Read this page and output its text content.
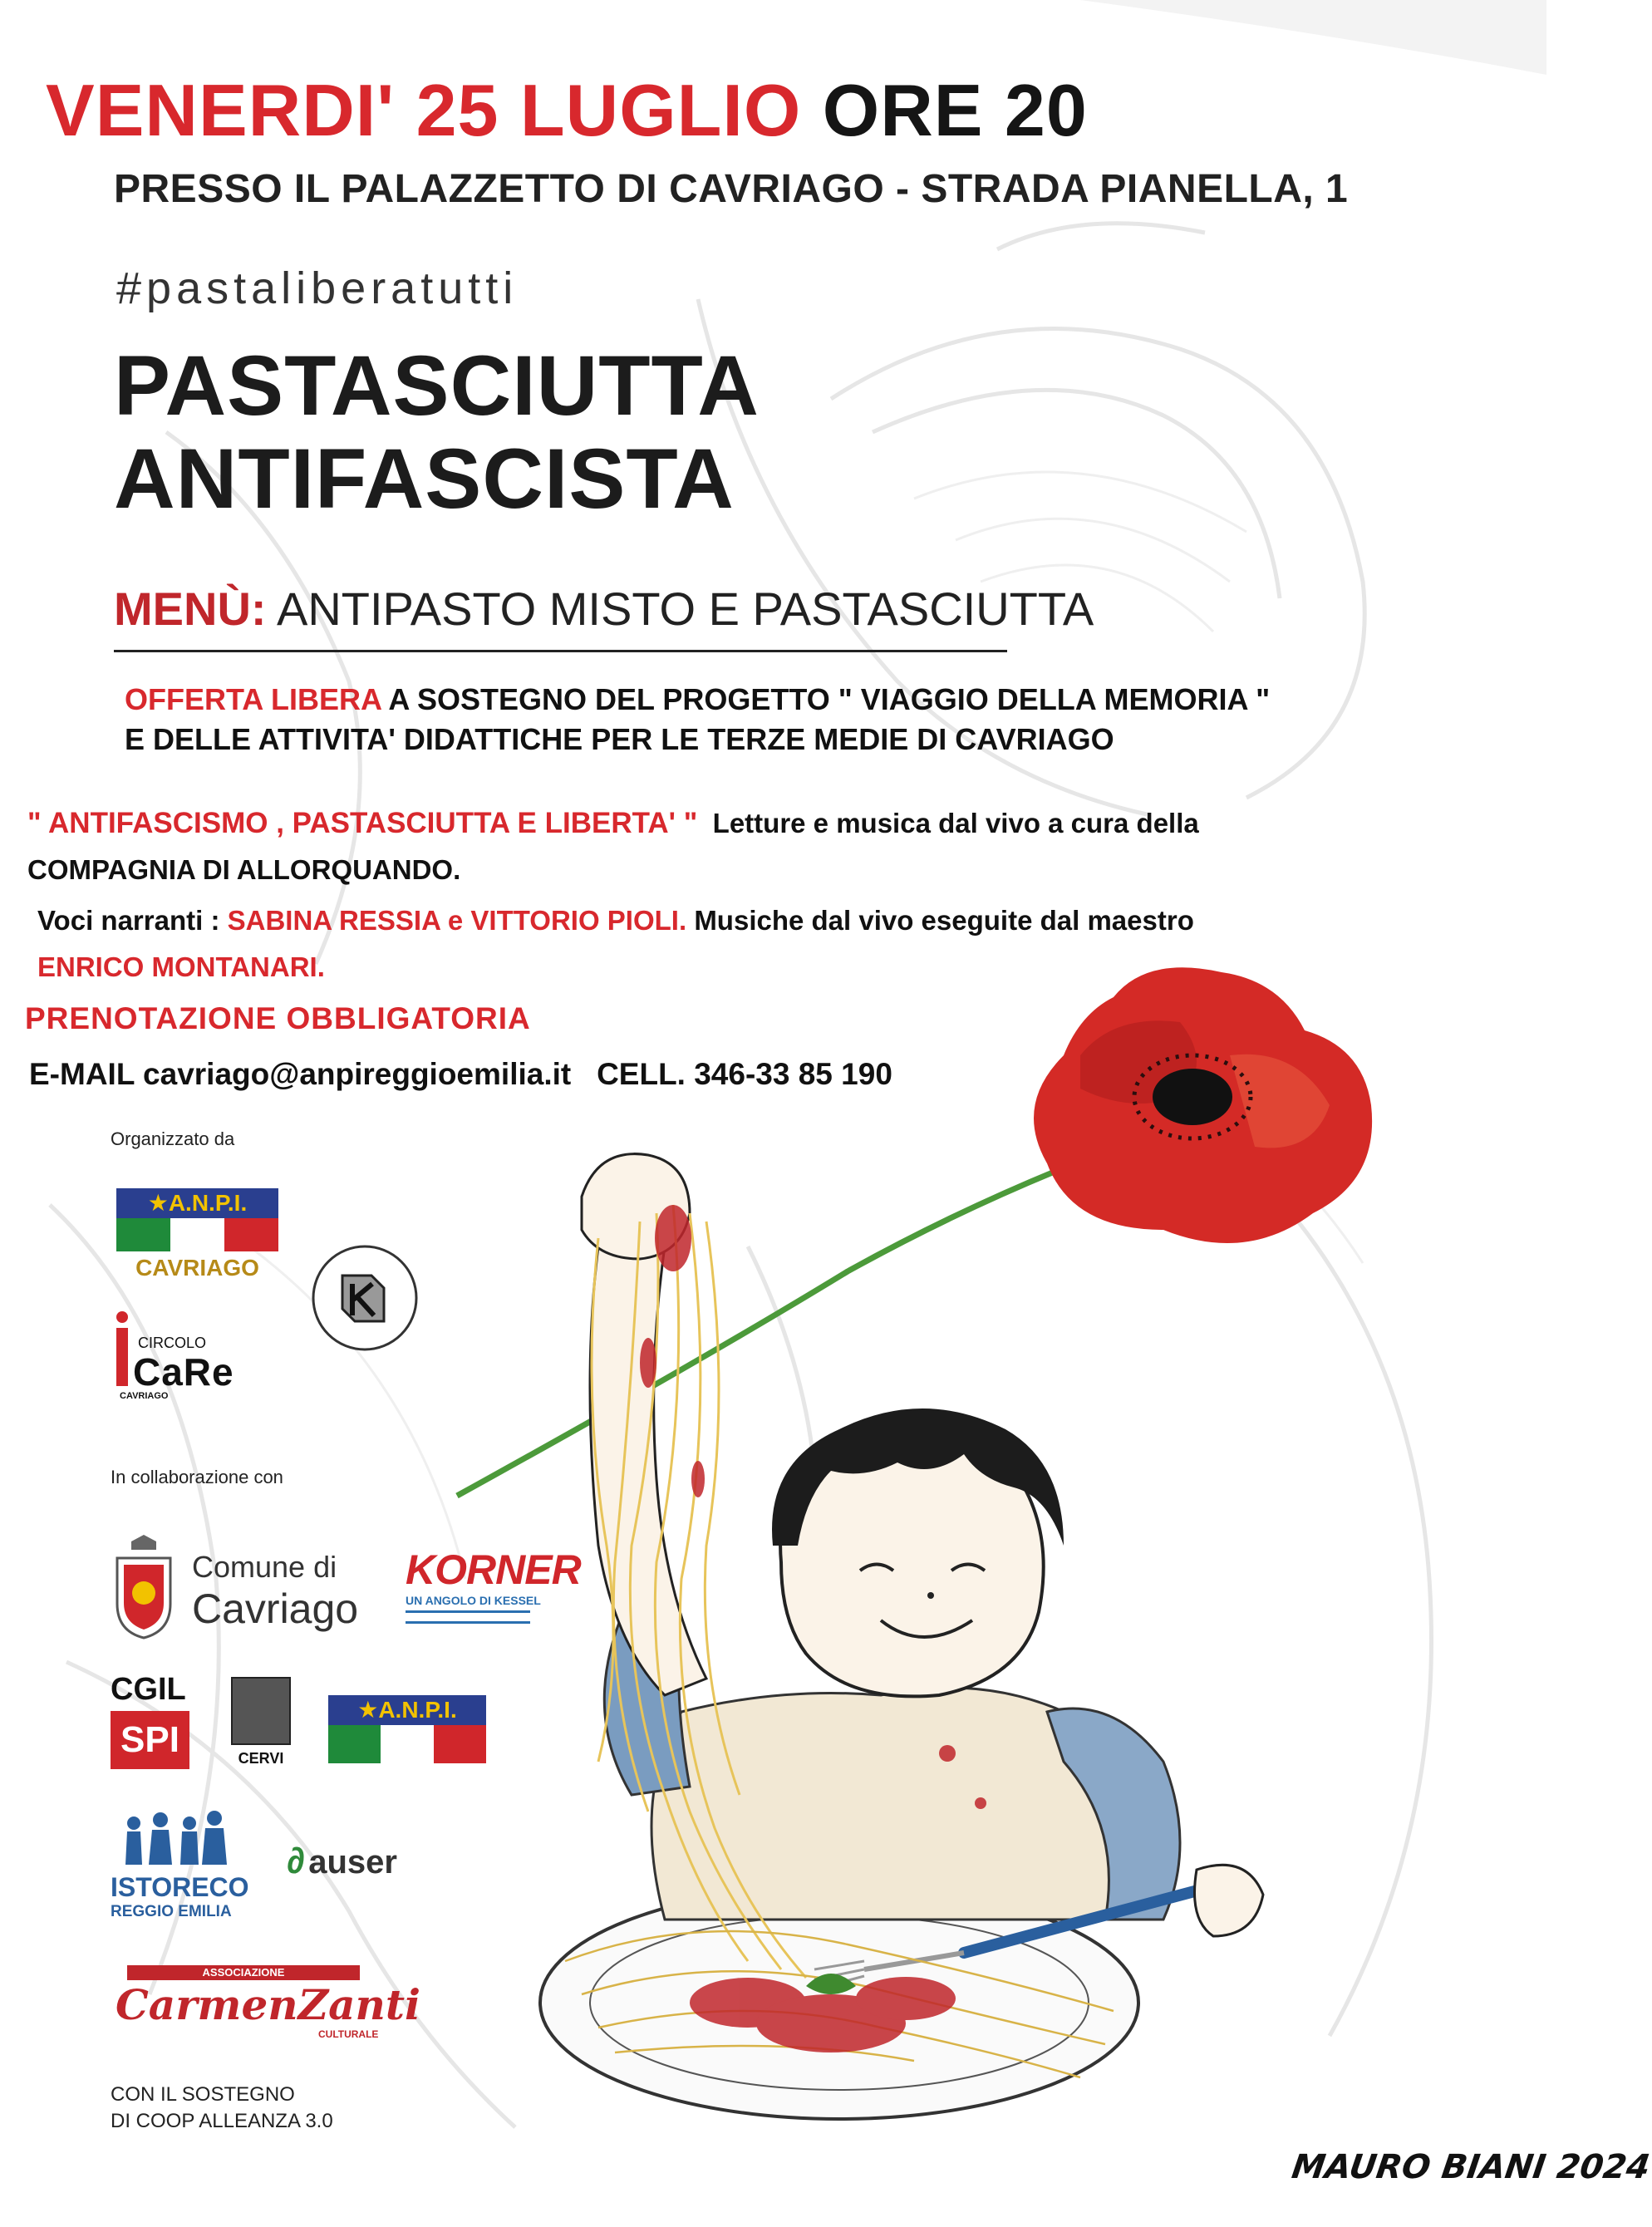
VENERDI' 25 LUGLIO ORE 20
PRESSO IL PALAZZETTO DI CAVRIAGO - STRADA PIANELLA, 1
#pastaliberatutti
PASTASCIUTTA
ANTIFASCISTA
MENÙ: ANTIPASTO MISTO E PASTASCIUTTA
OFFERTA LIBERA A SOSTEGNO DEL PROGETTO " VIAGGIO DELLA MEMORIA "
E DELLE ATTIVITA' DIDATTICHE PER LE TERZE MEDIE DI CAVRIAGO
" ANTIFASCISMO , PASTASCIUTTA E LIBERTA' " Letture e musica dal vivo a cura della
COMPAGNIA DI ALLORQUANDO.
Voci narranti : SABINA RESSIA e VITTORIO PIOLI. Musiche dal vivo eseguite dal maestro
ENRICO MONTANARI.
PRENOTAZIONE OBBLIGATORIA
E-MAIL cavriago@anpireggioemilia.it CELL. 346-33 85 190
Organizzato da
★A.N.P.I.
CAVRIAGO
CIRCOLO
CaRe
CAVRIAGO
In collaborazione con
Comune di
Cavriago
KORNER
UN ANGOLO DI KESSEL
CGIL
SPI	CERVI
★A.N.P.I.
ISTORECO
REGGIO EMILIA
∂ auser
ASSOCIAZIONE
CarmenZanti
CULTURALE
CON IL SOSTEGNO
DI COOP ALLEANZA 3.0
MAURO BIANI 2024
